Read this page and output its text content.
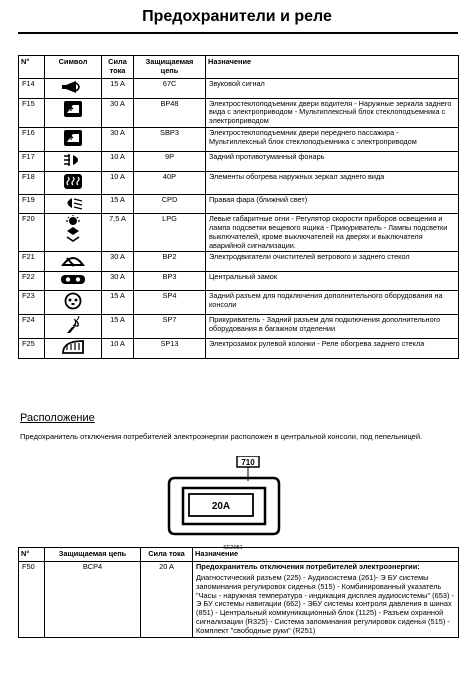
Предохранители и реле
N°	Символ	Сила тока	Защищаемая цепь	Назначение
F14		15 A	67C	Звуковой сигнал
F15		30 A	BP48	Электростеклоподъемник двери водителя - Наружные зеркала заднего вида с электроприводом - Мультиплексный блок стеклоподъемника с электроприводом
F16		30 A	SBP3	Электростеклоподъемник двери переднего пассажира - Мультиплексный блок стеклоподъемника с электроприводом
F17		10 A	9P	Задний противотуманный фонарь
F18		10 A	40P	Элементы обогрева наружных зеркал заднего вида
F19		15 A	CPD	Правая фара (ближний свет)
F20		7,5 A	LPG	Левые габаритные огни - Регулятор скорости приборов освещения и лампа подсветки вещевого ящика - Прикуриватель - Лампы подсветки выключателей, кроме выключателей на дверях и выключателя аварийной сигнализации.
F21		30 A	BP2	Электродвигатели очистителей ветрового и заднего стекол
F22		30 A	BP3	Центральный замок
F23		15 A	SP4	Задний разъем для подключения дополнительного оборудования на консоли
F24		15 A	SP7	Прикуриватель - Задний разъем для подключения дополнительного оборудования в багажном отделении
F25		10 A	SP13	Электрозамок рулевой колонки - Реле обогрева заднего стекла
Расположение
Предохранитель отключения потребителей электроэнергии расположен в центральной консоли, под пепельницей.
710
20A
SE2051
N°	Защищаемая цепь	Сила тока	Назначение
F50	BCP4	20 A	Предохранитель отключения потребителей электроэнергии:
Диагностический разъем (225) - Аудиосистема (261)- Э БУ системы запоминания регулировок сиденья (515) - Комбинированный указатель "Часы - наружная температура - индикация дисплея аудиосистемы" (653) - Э БУ системы навигации (662) - ЭБУ системы контроля давления в шинах (851) - Центральный коммуникационный блок (1125) - Разъем охранной сигнализации (R325) - Система запоминания регулировок сиденья (515) - Комплект "свободные руки" (R251)
